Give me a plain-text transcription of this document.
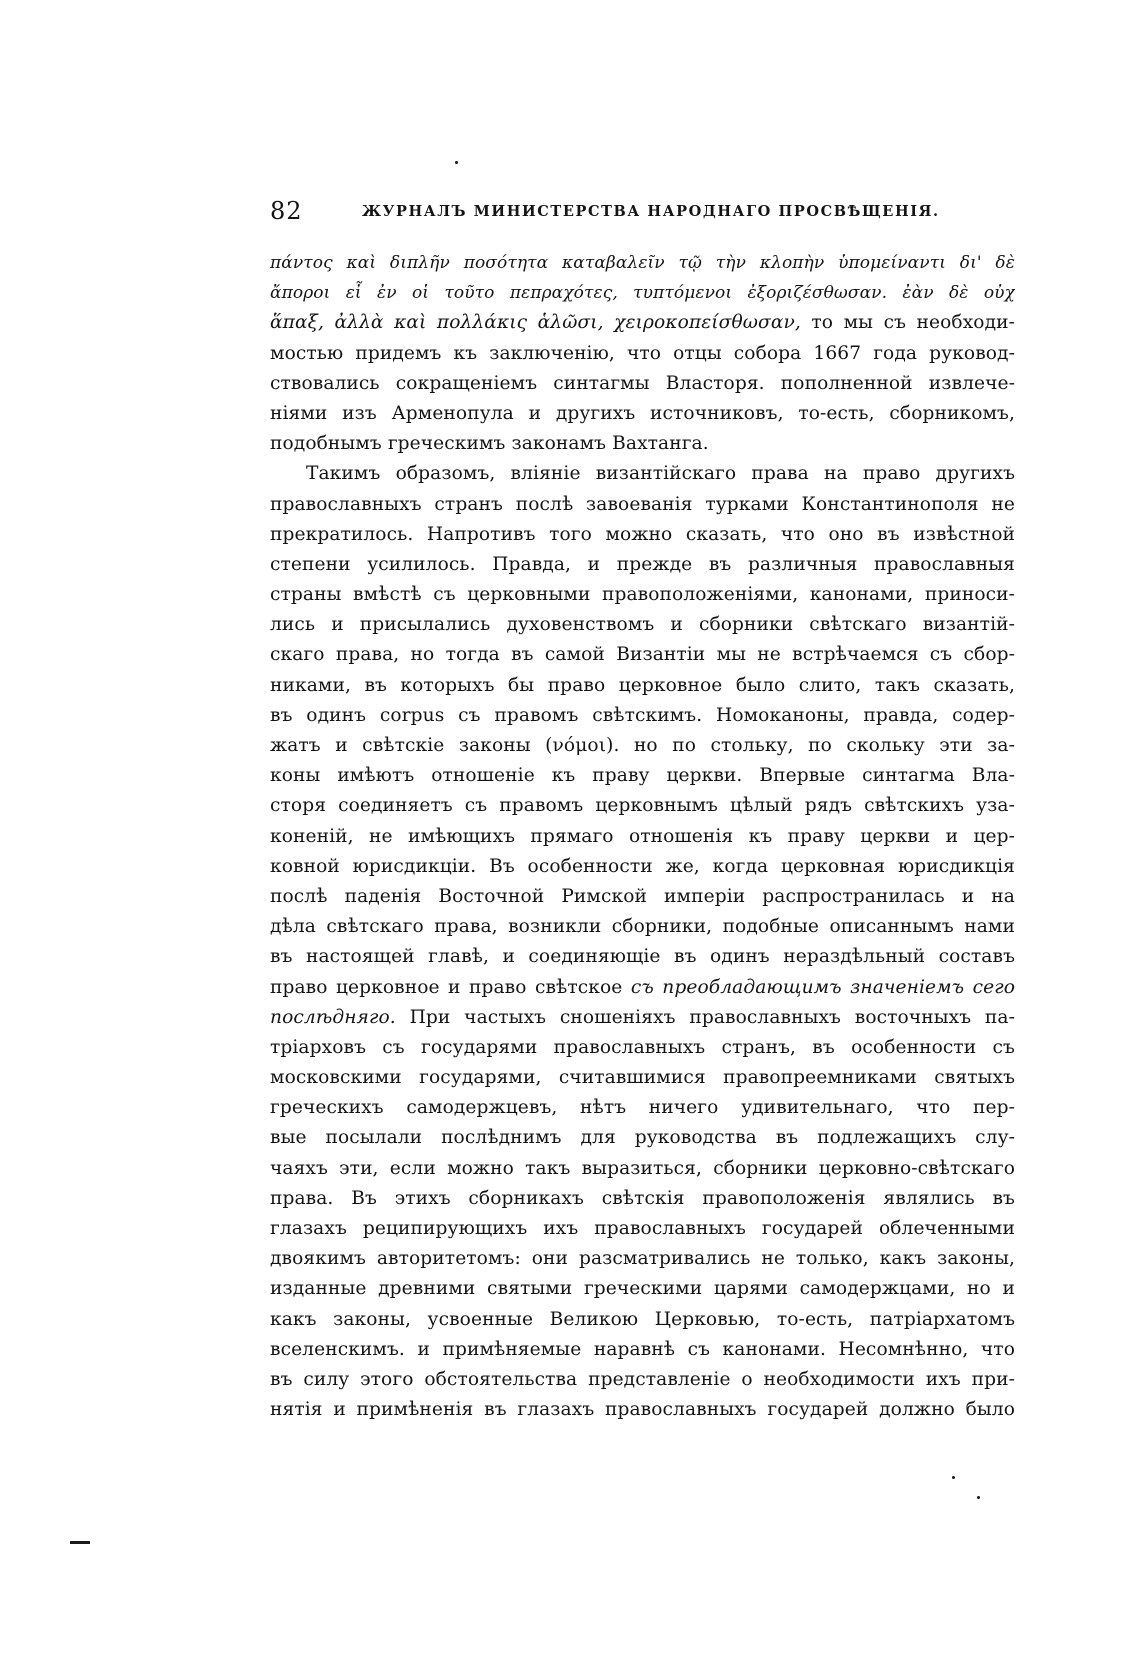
82	ЖУРНАЛЪ МИНИСТЕРСТВА НАРОДНАГО ПРОСВѢЩЕНІЯ.
πάντος καὶ διπλῆν ποσότητα καταβαλεῖν τῷ τὴν κλοπὴν ὑπομείναντι δι' δὲ
ἄποροι εἶ ἐν οἱ τοῦτο πεπραχότες, τυπτόμενοι ἐξοριζέσθωσαν. ἐὰν δὲ οὐχ
ἅπαξ, ἀλλὰ καὶ πολλάκις ἁλῶσι, χειροκοπείσθωσαν, то мы съ необходи-
мостью придемъ къ заключенію, что отцы собора 1667 года руковод-
ствовались сокращеніемъ синтагмы Власторя. пополненной извлече-
ніями изъ Арменопула и другихъ источниковъ, то-есть, сборникомъ,
подобнымъ греческимъ законамъ Вахтанга.
Такимъ образомъ, вліяніе византійскаго права на право другихъ
православныхъ странъ послѣ завоеванія турками Константинополя не
прекратилось. Напротивъ того можно сказать, что оно въ извѣстной
степени усилилось. Правда, и прежде въ различныя православныя
страны вмѣстѣ съ церковными правоположеніями, канонами, приноси-
лись и присылались духовенствомъ и сборники свѣтскаго византій-
скаго права, но тогда въ самой Византіи мы не встрѣчаемся съ сбор-
никами, въ которыхъ бы право церковное было слито, такъ сказать,
въ одинъ corpus съ правомъ свѣтскимъ. Номоканоны, правда, содер-
жатъ и свѣтскіе законы (νόμοι). но по стольку, по скольку эти за-
коны имѣютъ отношеніе къ праву церкви. Впервые синтагма Вла-
сторя соединяетъ съ правомъ церковнымъ цѣлый рядъ свѣтскихъ уза-
коненій, не имѣющихъ прямаго отношенія къ праву церкви и цер-
ковной юрисдикціи. Въ особенности же, когда церковная юрисдикція
послѣ паденія Восточной Римской имперіи распространилась и на
дѣла свѣтскаго права, возникли сборники, подобные описаннымъ нами
въ настоящей главѣ, и соединяющіе въ одинъ нераздѣльный составъ
право церковное и право свѣтское съ преобладающимъ значеніемъ сего
послѣдняго. При частыхъ сношеніяхъ православныхъ восточныхъ па-
тріарховъ съ государями православныхъ странъ, въ особенности съ
московскими государями, считавшимися правопреемниками святыхъ
греческихъ самодержцевъ, нѣтъ ничего удивительнаго, что пер-
вые посылали послѣднимъ для руководства въ подлежащихъ слу-
чаяхъ эти, если можно такъ выразиться, сборники церковно-свѣтскаго
права. Въ этихъ сборникахъ свѣтскія правоположенія являлись въ
глазахъ реципирующихъ ихъ православныхъ государей облеченными
двоякимъ авторитетомъ: они разсматривались не только, какъ законы,
изданные древними святыми греческими царями самодержцами, но и
какъ законы, усвоенные Великою Церковью, то-есть, патріархатомъ
вселенскимъ. и примѣняемые наравнѣ съ канонами. Несомнѣнно, что
въ силу этого обстоятельства представленіе о необходимости ихъ при-
нятія и примѣненія въ глазахъ православныхъ государей должно было
